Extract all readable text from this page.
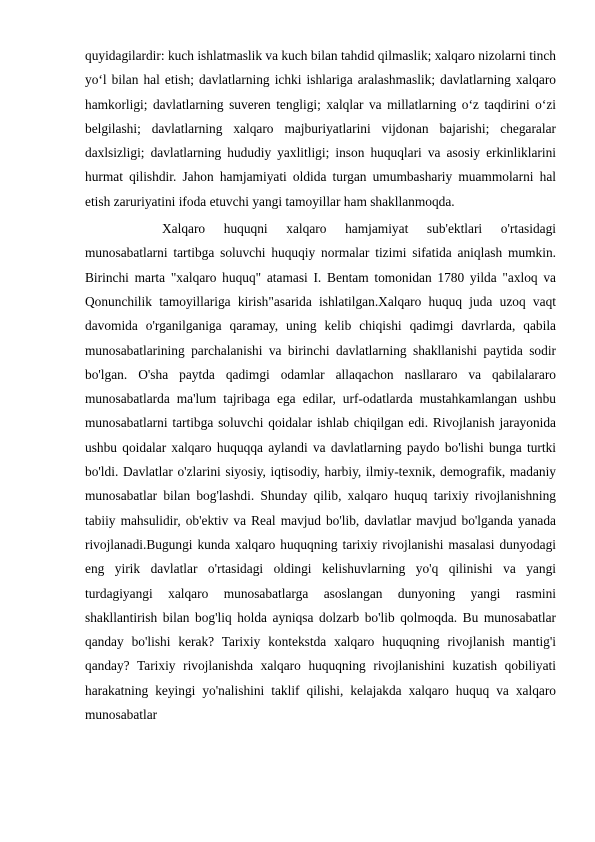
quyidagilardir: kuch ishlatmaslik va kuch bilan tahdid qilmaslik; xalqaro nizolarni tinch yo‘l bilan hal etish; davlatlarning ichki ishlariga aralashmaslik; davlatlarning xalqaro hamkorligi; davlatlarning suveren tengligi; xalqlar va millatlarning o‘z taqdirini o‘zi belgilashi; davlatlarning xalqaro majburiyatlarini vijdonan bajarishi; chegaralar daxlsizligi; davlatlarning hududiy yaxlitligi; inson huquqlari va asosiy erkinliklarini hurmat qilishdir. Jahon hamjamiyati oldida turgan umumbashariy muammolarni hal etish zaruriyatini ifoda etuvchi yangi tamoyillar ham shakllanmoqda.

Xalqaro huquqni xalqaro hamjamiyat sub'ektlari o'rtasidagi munosabatlarni tartibga soluvchi huquqiy normalar tizimi sifatida aniqlash mumkin. Birinchi marta "xalqaro huquq" atamasi I. Bentam tomonidan 1780 yilda "axloq va Qonunchilik tamoyillariga kirish"asarida ishlatilgan.Xalqaro huquq juda uzoq vaqt davomida o'rganilganiga qaramay, uning kelib chiqishi qadimgi davrlarda, qabila munosabatlarining parchalanishi va birinchi davlatlarning shakllanishi paytida sodir bo'lgan. O'sha paytda qadimgi odamlar allaqachon nasllararo va qabilalararo munosabatlarda ma'lum tajribaga ega edilar, urf-odatlarda mustahkamlangan ushbu munosabatlarni tartibga soluvchi qoidalar ishlab chiqilgan edi. Rivojlanish jarayonida ushbu qoidalar xalqaro huquqqa aylandi va davlatlarning paydo bo'lishi bunga turtki bo'ldi. Davlatlar o'zlarini siyosiy, iqtisodiy, harbiy, ilmiy-texnik, demografik, madaniy munosabatlar bilan bog'lashdi. Shunday qilib, xalqaro huquq tarixiy rivojlanishning tabiiy mahsulidir, ob'ektiv va Real mavjud bo'lib, davlatlar mavjud bo'lganda yanada rivojlanadi.Bugungi kunda xalqaro huquqning tarixiy rivojlanishi masalasi dunyodagi eng yirik davlatlar o'rtasidagi oldingi kelishuvlarning yo'q qilinishi va yangi turdagiyangi xalqaro munosabatlarga asoslangan dunyoning yangi rasmini shakllantirish bilan bog'liq holda ayniqsa dolzarb bo'lib qolmoqda. Bu munosabatlar qanday bo'lishi kerak? Tarixiy kontekstda xalqaro huquqning rivojlanish mantig'i qanday? Tarixiy rivojlanishda xalqaro huquqning rivojlanishini kuzatish qobiliyati harakatning keyingi yo'nalishini taklif qilishi, kelajakda xalqaro huquq va xalqaro munosabatlar
